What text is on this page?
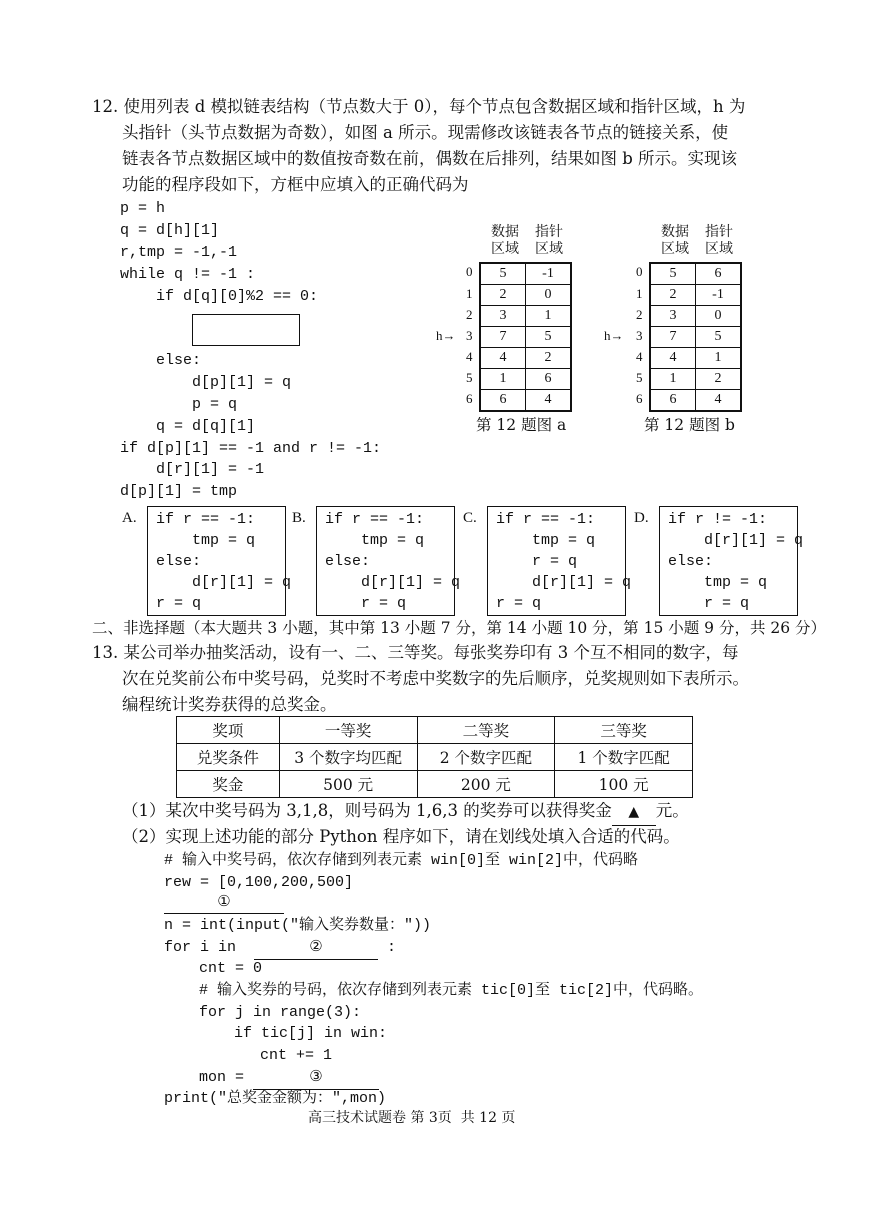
12. 使用列表 d 模拟链表结构（节点数大于 0），每个节点包含数据区域和指针区域，h 为
头指针（头节点数据为奇数），如图 a 所示。现需修改该链表各节点的链接关系，使
链表各节点数据区域中的数值按奇数在前，偶数在后排列，结果如图 b 所示。实现该
功能的程序段如下，方框中应填入的正确代码为
p = h
q = d[h][1]
r,tmp = -1,-1
while q != -1 :
if d[q][0]%2 == 0:
else:
d[p][1] = q
p = q
q = d[q][1]
if d[p][1] == -1 and r != -1:
d[r][1] = -1
d[p][1] = tmp
数据
区域
指针
区域
0
1
2
3
4
5
6
h→
5	-1
2	0
3	1
7	5
4	2
1	6
6	4
第 12 题图 a
数据
区域
指针
区域
0
1
2
3
4
5
6
h→
5	6
2	-1
3	0
7	5
4	1
1	2
6	4
第 12 题图 b
A. if r == -1:
tmp = q
else:
d[r][1] = q
r = q
B. if r == -1:
tmp = q
else:
d[r][1] = q
r = q
C. if r == -1:
tmp = q
r = q
d[r][1] = q
r = q
D. if r != -1:
d[r][1] = q
else:
tmp = q
r = q
二、非选择题（本大题共 3 小题，其中第 13 小题 7 分，第 14 小题 10 分，第 15 小题 9 分，共 26 分）
13. 某公司举办抽奖活动，设有一、二、三等奖。每张奖券印有 3 个互不相同的数字，每
次在兑奖前公布中奖号码，兑奖时不考虑中奖数字的先后顺序，兑奖规则如下表所示。
编程统计奖券获得的总奖金。
奖项	一等奖	二等奖	三等奖
兑奖条件	3 个数字均匹配	2 个数字匹配	1 个数字匹配
奖金	500 元	200 元	100 元
（1）某次中奖号码为 3,1,8，则号码为 1,6,3 的奖券可以获得奖金 ▲ 元。
（2）实现上述功能的部分 Python 程序如下，请在划线处填入合适的代码。
# 输入中奖号码，依次存储到列表元素 win[0]至 win[2]中，代码略
rew = [0,100,200,500]
①
n = int(input("输入奖券数量："))
for i in	②	:
cnt = 0
# 输入奖券的号码，依次存储到列表元素 tic[0]至 tic[2]中，代码略。
for j in range(3):
if tic[j] in win:
cnt += 1
mon =	③
print("总奖金金额为：",mon)
高三技术试题卷 第 3页  共 12 页
